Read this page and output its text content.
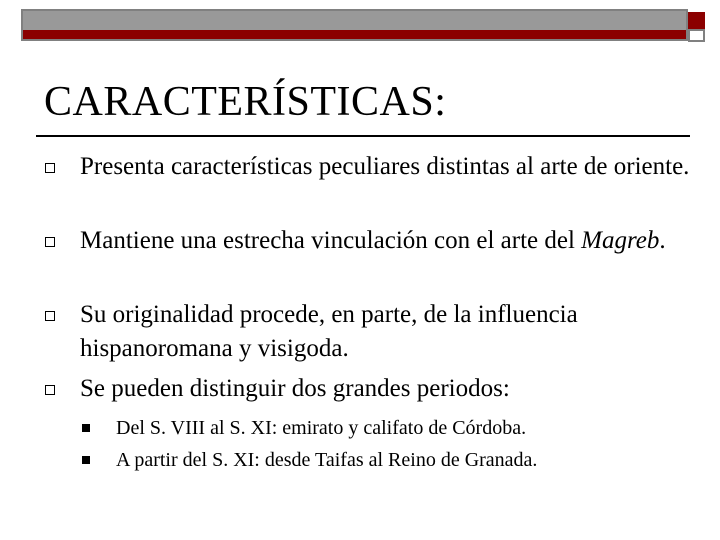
CARACTERÍSTICAS:
Presenta características peculiares distintas al arte de oriente.
Mantiene una estrecha vinculación con el arte del Magreb.
Su originalidad procede, en parte, de la influencia hispanoromana y visigoda.
Se pueden distinguir dos grandes periodos:
Del S. VIII al S. XI: emirato y califato de Córdoba.
A partir del S. XI: desde Taifas al Reino de Granada.
